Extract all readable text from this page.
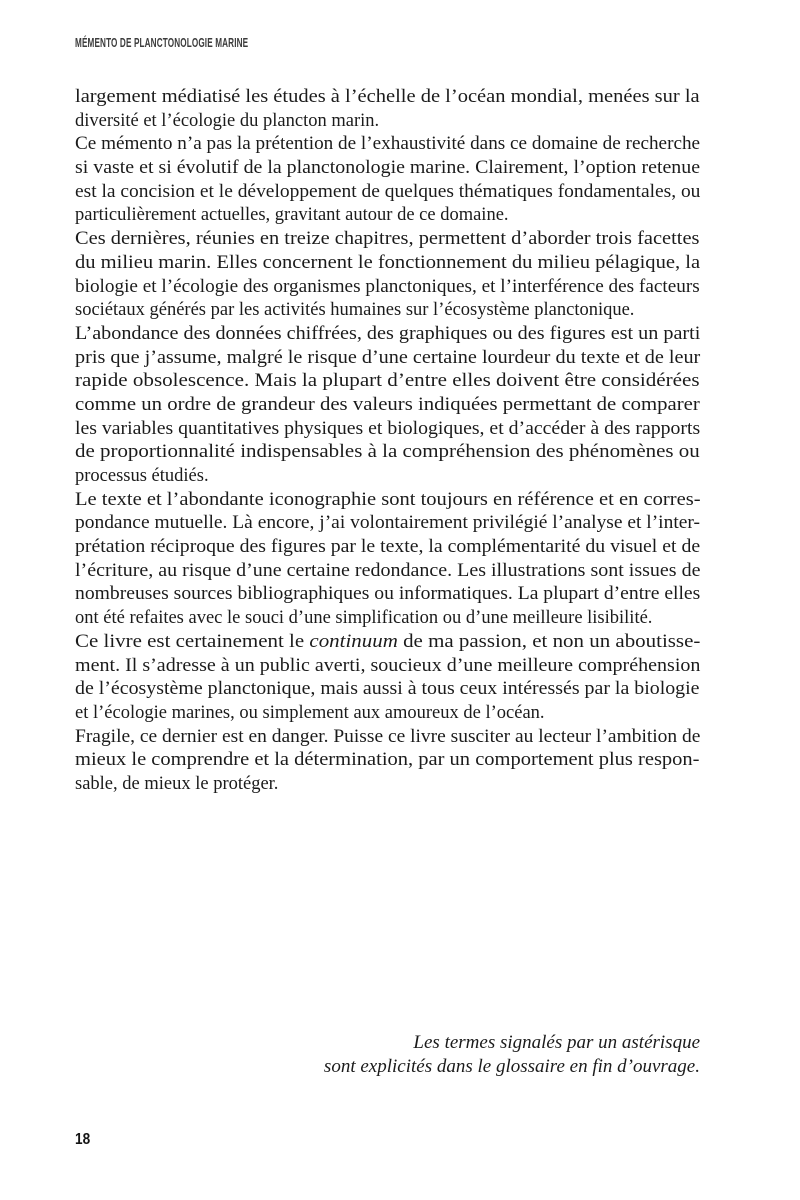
MÉMENTO DE PLANCTONOLOGIE MARINE
largement médiatisé les études à l’échelle de l’océan mondial, menées sur la
diversité et l’écologie du plancton marin.
Ce mémento n’a pas la prétention de l’exhaustivité dans ce domaine de recherche
si vaste et si évolutif de la planctonologie marine. Clairement, l’option retenue
est la concision et le développement de quelques thématiques fondamentales, ou
particulièrement actuelles, gravitant autour de ce domaine.
Ces dernières, réunies en treize chapitres, permettent d’aborder trois facettes
du milieu marin. Elles concernent le fonctionnement du milieu pélagique, la
biologie et l’écologie des organismes planctoniques, et l’interférence des facteurs
sociétaux générés par les activités humaines sur l’écosystème planctonique.
L’abondance des données chiffrées, des graphiques ou des figures est un parti
pris que j’assume, malgré le risque d’une certaine lourdeur du texte et de leur
rapide obsolescence. Mais la plupart d’entre elles doivent être considérées
comme un ordre de grandeur des valeurs indiquées permettant de comparer
les variables quantitatives physiques et biologiques, et d’accéder à des rapports
de proportionnalité indispensables à la compréhension des phénomènes ou
processus étudiés.
Le texte et l’abondante iconographie sont toujours en référence et en corres-
pondance mutuelle. Là encore, j’ai volontairement privilégié l’analyse et l’inter-
prétation réciproque des figures par le texte, la complémentarité du visuel et de
l’écriture, au risque d’une certaine redondance. Les illustrations sont issues de
nombreuses sources bibliographiques ou informatiques. La plupart d’entre elles
ont été refaites avec le souci d’une simplification ou d’une meilleure lisibilité.
Ce livre est certainement le continuum de ma passion, et non un aboutisse-
ment. Il s’adresse à un public averti, soucieux d’une meilleure compréhension
de l’écosystème planctonique, mais aussi à tous ceux intéressés par la biologie
et l’écologie marines, ou simplement aux amoureux de l’océan.
Fragile, ce dernier est en danger. Puisse ce livre susciter au lecteur l’ambition de
mieux le comprendre et la détermination, par un comportement plus respon-
sable, de mieux le protéger.
Les termes signalés par un astérisque
sont explicités dans le glossaire en fin d’ouvrage.
18
